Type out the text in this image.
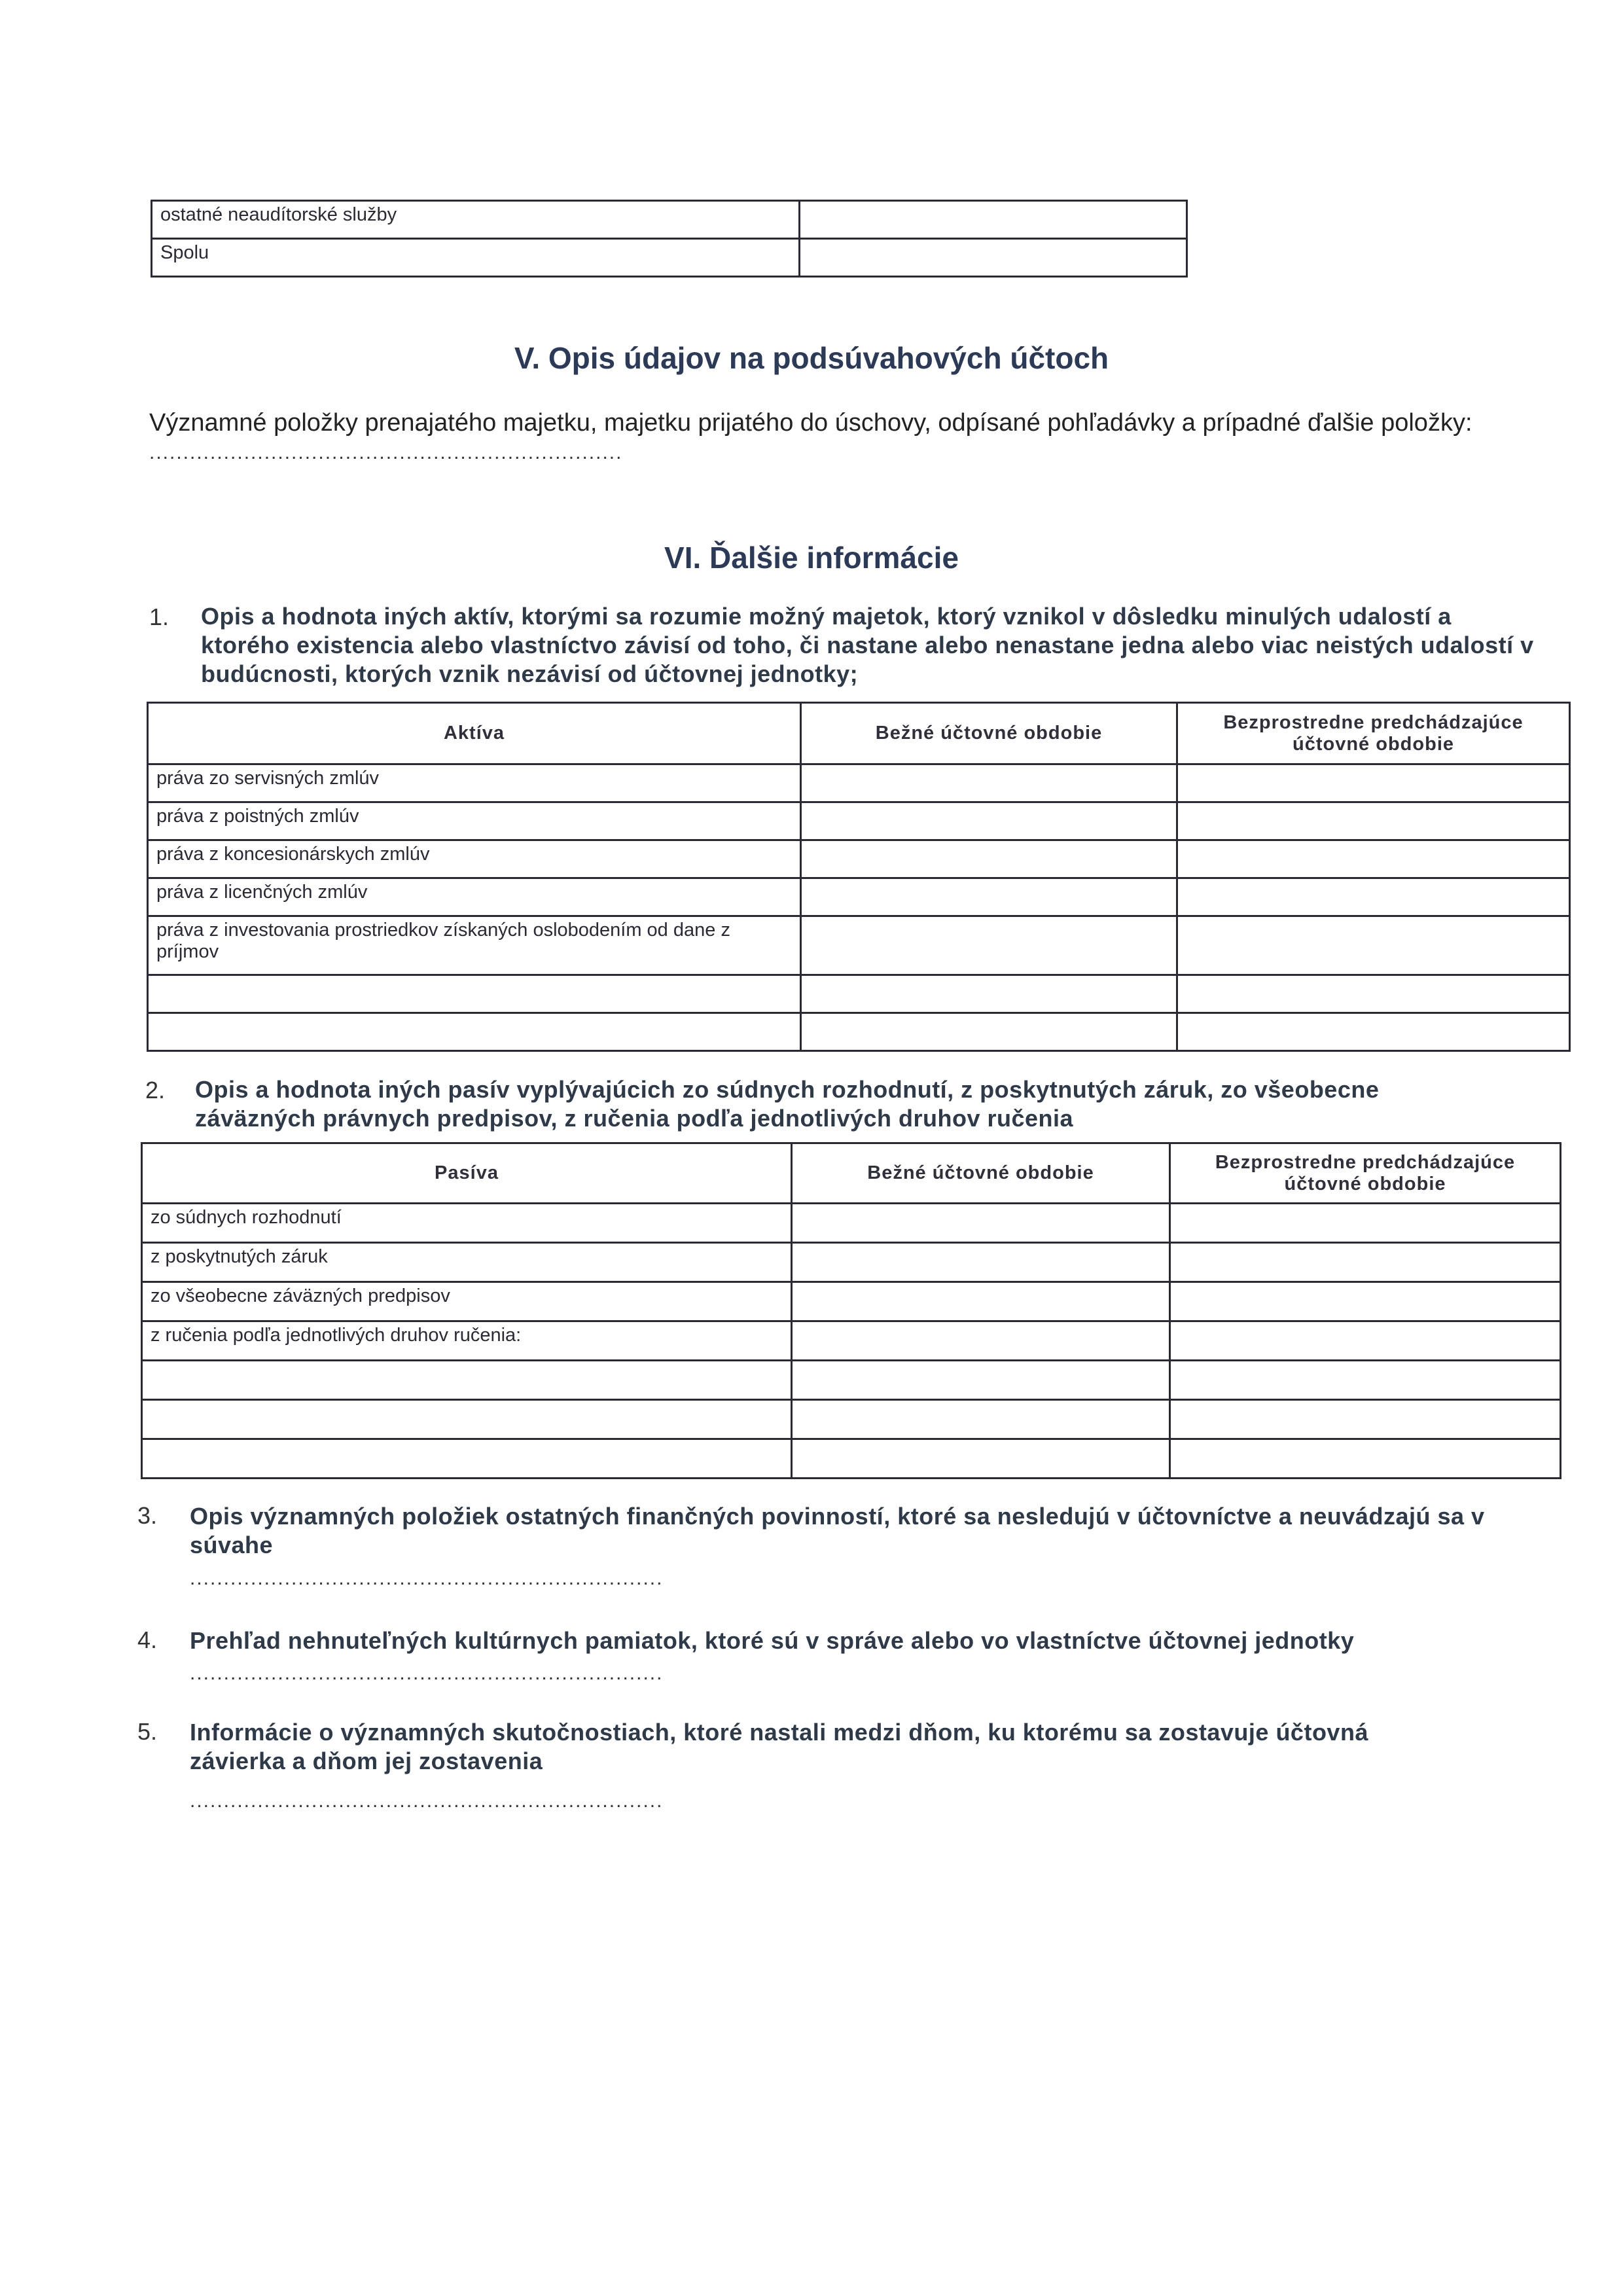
ostatné neaudítorské služby	
Spolu	
V. Opis údajov na podsúvahových účtoch
Významné položky prenajatého majetku, majetku prijatého do úschovy, odpísané pohľadávky a prípadné ďalšie položky:
......................................................................
VI. Ďalšie informácie
1. Opis a hodnota iných aktív, ktorými sa rozumie možný majetok, ktorý vznikol v dôsledku minulých udalostí a ktorého existencia alebo vlastníctvo závisí od toho, či nastane alebo nenastane jedna alebo viac neistých udalostí v budúcnosti, ktorých vznik nezávisí od účtovnej jednotky;
Aktíva	Bežné účtovné obdobie	Bezprostredne predchádzajúce účtovné obdobie
práva zo servisných zmlúv		
práva z poistných zmlúv		
práva z koncesionárskych zmlúv		
práva z licenčných zmlúv		
práva z investovania prostriedkov získaných oslobodením od dane z príjmov		

2. Opis a hodnota iných pasív vyplývajúcich zo súdnych rozhodnutí, z poskytnutých záruk, zo všeobecne záväzných právnych predpisov, z ručenia podľa jednotlivých druhov ručenia
Pasíva	Bežné účtovné obdobie	Bezprostredne predchádzajúce účtovné obdobie
zo súdnych rozhodnutí		
z poskytnutých záruk		
zo všeobecne záväzných predpisov		
z ručenia podľa jednotlivých druhov ručenia:		

3. Opis významných položiek ostatných finančných povinností, ktoré sa nesledujú v účtovníctve a neuvádzajú sa v súvahe
......................................................................
4. Prehľad nehnuteľných kultúrnych pamiatok, ktoré sú v správe alebo vo vlastníctve účtovnej jednotky
......................................................................
5. Informácie o významných skutočnostiach, ktoré nastali medzi dňom, ku ktorému sa zostavuje účtovná závierka a dňom jej zostavenia
......................................................................
